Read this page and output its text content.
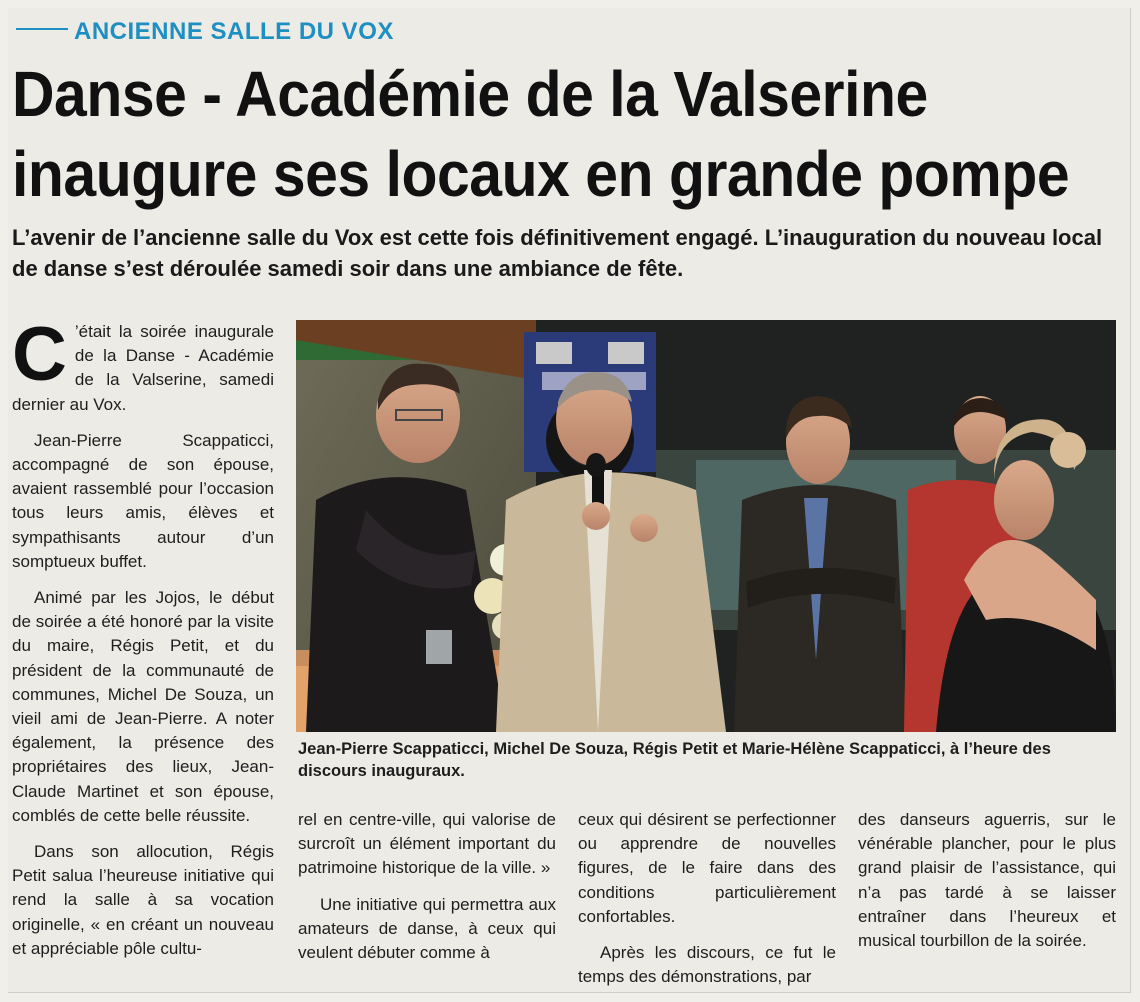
ANCIENNE SALLE DU VOX
Danse - Académie de la Valserine
inaugure ses locaux en grande pompe
L’avenir de l’ancienne salle du Vox est cette fois définitivement engagé. L’inauguration du nouveau local de danse s’est déroulée samedi soir dans une ambiance de fête.

C ’était la soirée inaugurale de la Danse - Académie de la Valserine, samedi dernier au Vox.

Jean-Pierre Scappaticci, accompagné de son épouse, avaient rassemblé pour l’occasion tous leurs amis, élèves et sympathisants autour d’un somptueux buffet.

Animé par les Jojos, le début de soirée a été honoré par la visite du maire, Régis Petit, et du président de la communauté de communes, Michel De Souza, un vieil ami de Jean-Pierre. A noter également, la présence des propriétaires des lieux, Jean-Claude Martinet et son épouse, comblés de cette belle réussite.

Dans son allocution, Régis Petit salua l’heureuse initiative qui rend la salle à sa vocation originelle, « en créant un nouveau et appréciable pôle cultu-

Jean-Pierre Scappaticci, Michel De Souza, Régis Petit et Marie-Hélène Scappaticci, à l’heure des discours inauguraux.

rel en centre-ville, qui valorise de surcroît un élément important du patrimoine historique de la ville. »

Une initiative qui permettra aux amateurs de danse, à ceux qui veulent débuter comme à

ceux qui désirent se perfectionner ou apprendre de nouvelles figures, de le faire dans des conditions particulièrement confortables.

Après les discours, ce fut le temps des démonstrations, par

des danseurs aguerris, sur le vénérable plancher, pour le plus grand plaisir de l’assistance, qui n’a pas tardé à se laisser entraîner dans l’heureux et musical tourbillon de la soirée.
